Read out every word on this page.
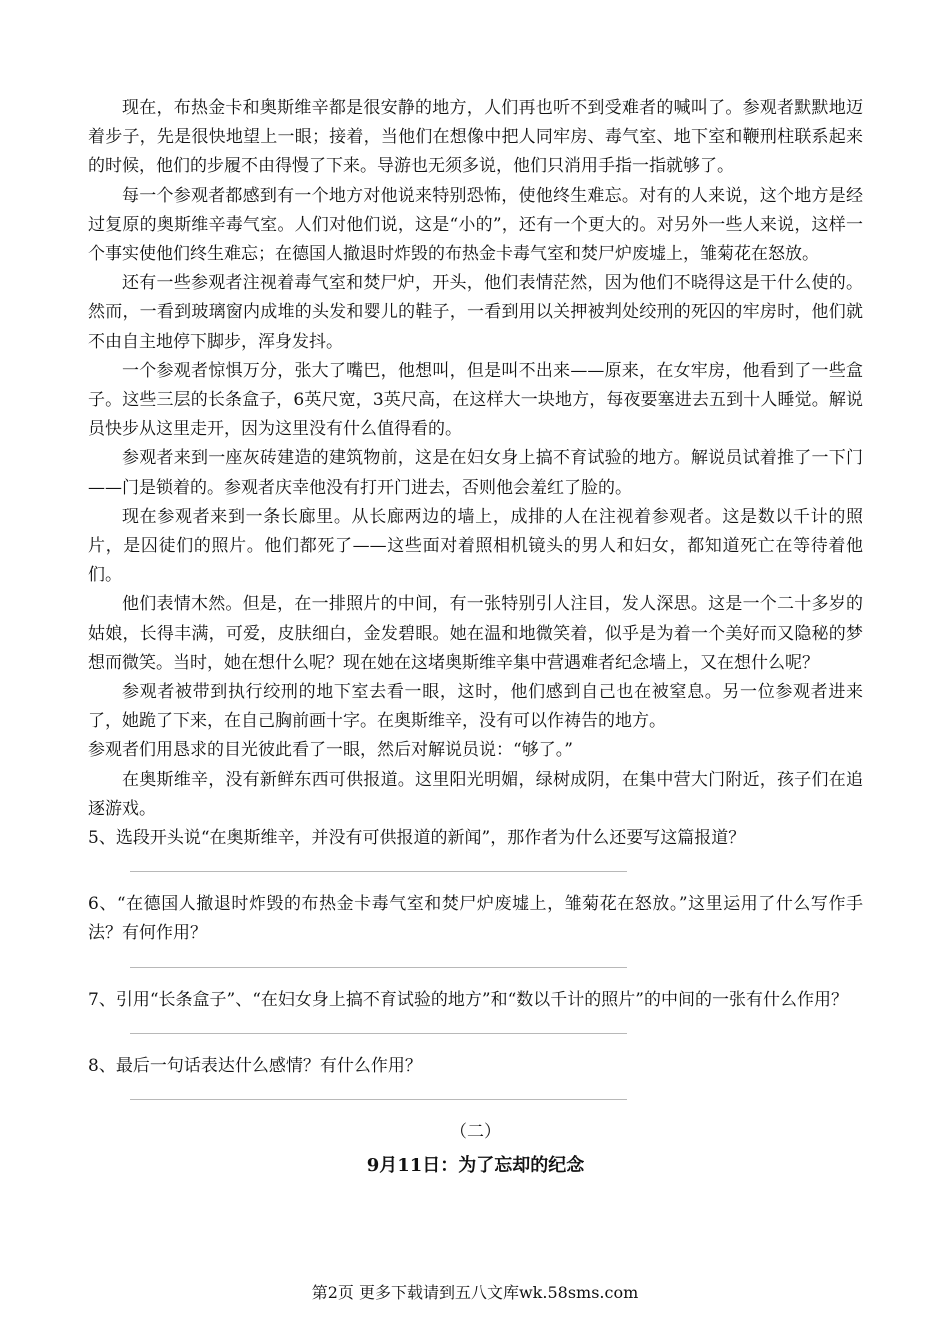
现在，布热金卡和奥斯维辛都是很安静的地方，人们再也听不到受难者的喊叫了。参观者默默地迈着步子，先是很快地望上一眼；接着，当他们在想像中把人同牢房、毒气室、地下室和鞭刑柱联系起来的时候，他们的步履不由得慢了下来。导游也无须多说，他们只消用手指一指就够了。

每一个参观者都感到有一个地方对他说来特别恐怖，使他终生难忘。对有的人来说，这个地方是经过复原的奥斯维辛毒气室。人们对他们说，这是“小的”，还有一个更大的。对另外一些人来说，这样一个事实使他们终生难忘；在德国人撤退时炸毁的布热金卡毒气室和焚尸炉废墟上，雏菊花在怒放。

还有一些参观者注视着毒气室和焚尸炉，开头，他们表情茫然，因为他们不晓得这是干什么使的。然而，一看到玻璃窗内成堆的头发和婴儿的鞋子，一看到用以关押被判处绞刑的死囚的牢房时，他们就不由自主地停下脚步，浑身发抖。

一个参观者惊惧万分，张大了嘴巴，他想叫，但是叫不出来——原来，在女牢房，他看到了一些盒子。这些三层的长条盒子，6英尺宽，3英尺高，在这样大一块地方，每夜要塞进去五到十人睡觉。解说员快步从这里走开，因为这里没有什么值得看的。

参观者来到一座灰砖建造的建筑物前，这是在妇女身上搞不育试验的地方。解说员试着推了一下门——门是锁着的。参观者庆幸他没有打开门进去，否则他会羞红了脸的。

现在参观者来到一条长廊里。从长廊两边的墙上，成排的人在注视着参观者。这是数以千计的照片，是囚徒们的照片。他们都死了——这些面对着照相机镜头的男人和妇女，都知道死亡在等待着他们。

他们表情木然。但是，在一排照片的中间，有一张特别引人注目，发人深思。这是一个二十多岁的姑娘，长得丰满，可爱，皮肤细白，金发碧眼。她在温和地微笑着，似乎是为着一个美好而又隐秘的梦想而微笑。当时，她在想什么呢？现在她在这堵奥斯维辛集中营遇难者纪念墙上，又在想什么呢？

参观者被带到执行绞刑的地下室去看一眼，这时，他们感到自己也在被窒息。另一位参观者进来了，她跪了下来，在自己胸前画十字。在奥斯维辛，没有可以作祷告的地方。

参观者们用恳求的目光彼此看了一眼，然后对解说员说：“够了。”

在奥斯维辛，没有新鲜东西可供报道。这里阳光明媚，绿树成阴，在集中营大门附近，孩子们在追逐游戏。

5、选段开头说“在奥斯维辛，并没有可供报道的新闻”，那作者为什么还要写这篇报道？

6、“在德国人撤退时炸毁的布热金卡毒气室和焚尸炉废墟上，雏菊花在怒放。”这里运用了什么写作手法？有何作用？

7、引用“长条盒子”、“在妇女身上搞不育试验的地方”和“数以千计的照片”的中间的一张有什么作用？

8、最后一句话表达什么感情？有什么作用？

（二）
9月11日：为了忘却的纪念
第2页 更多下载请到五八文库wk.58sms.com
